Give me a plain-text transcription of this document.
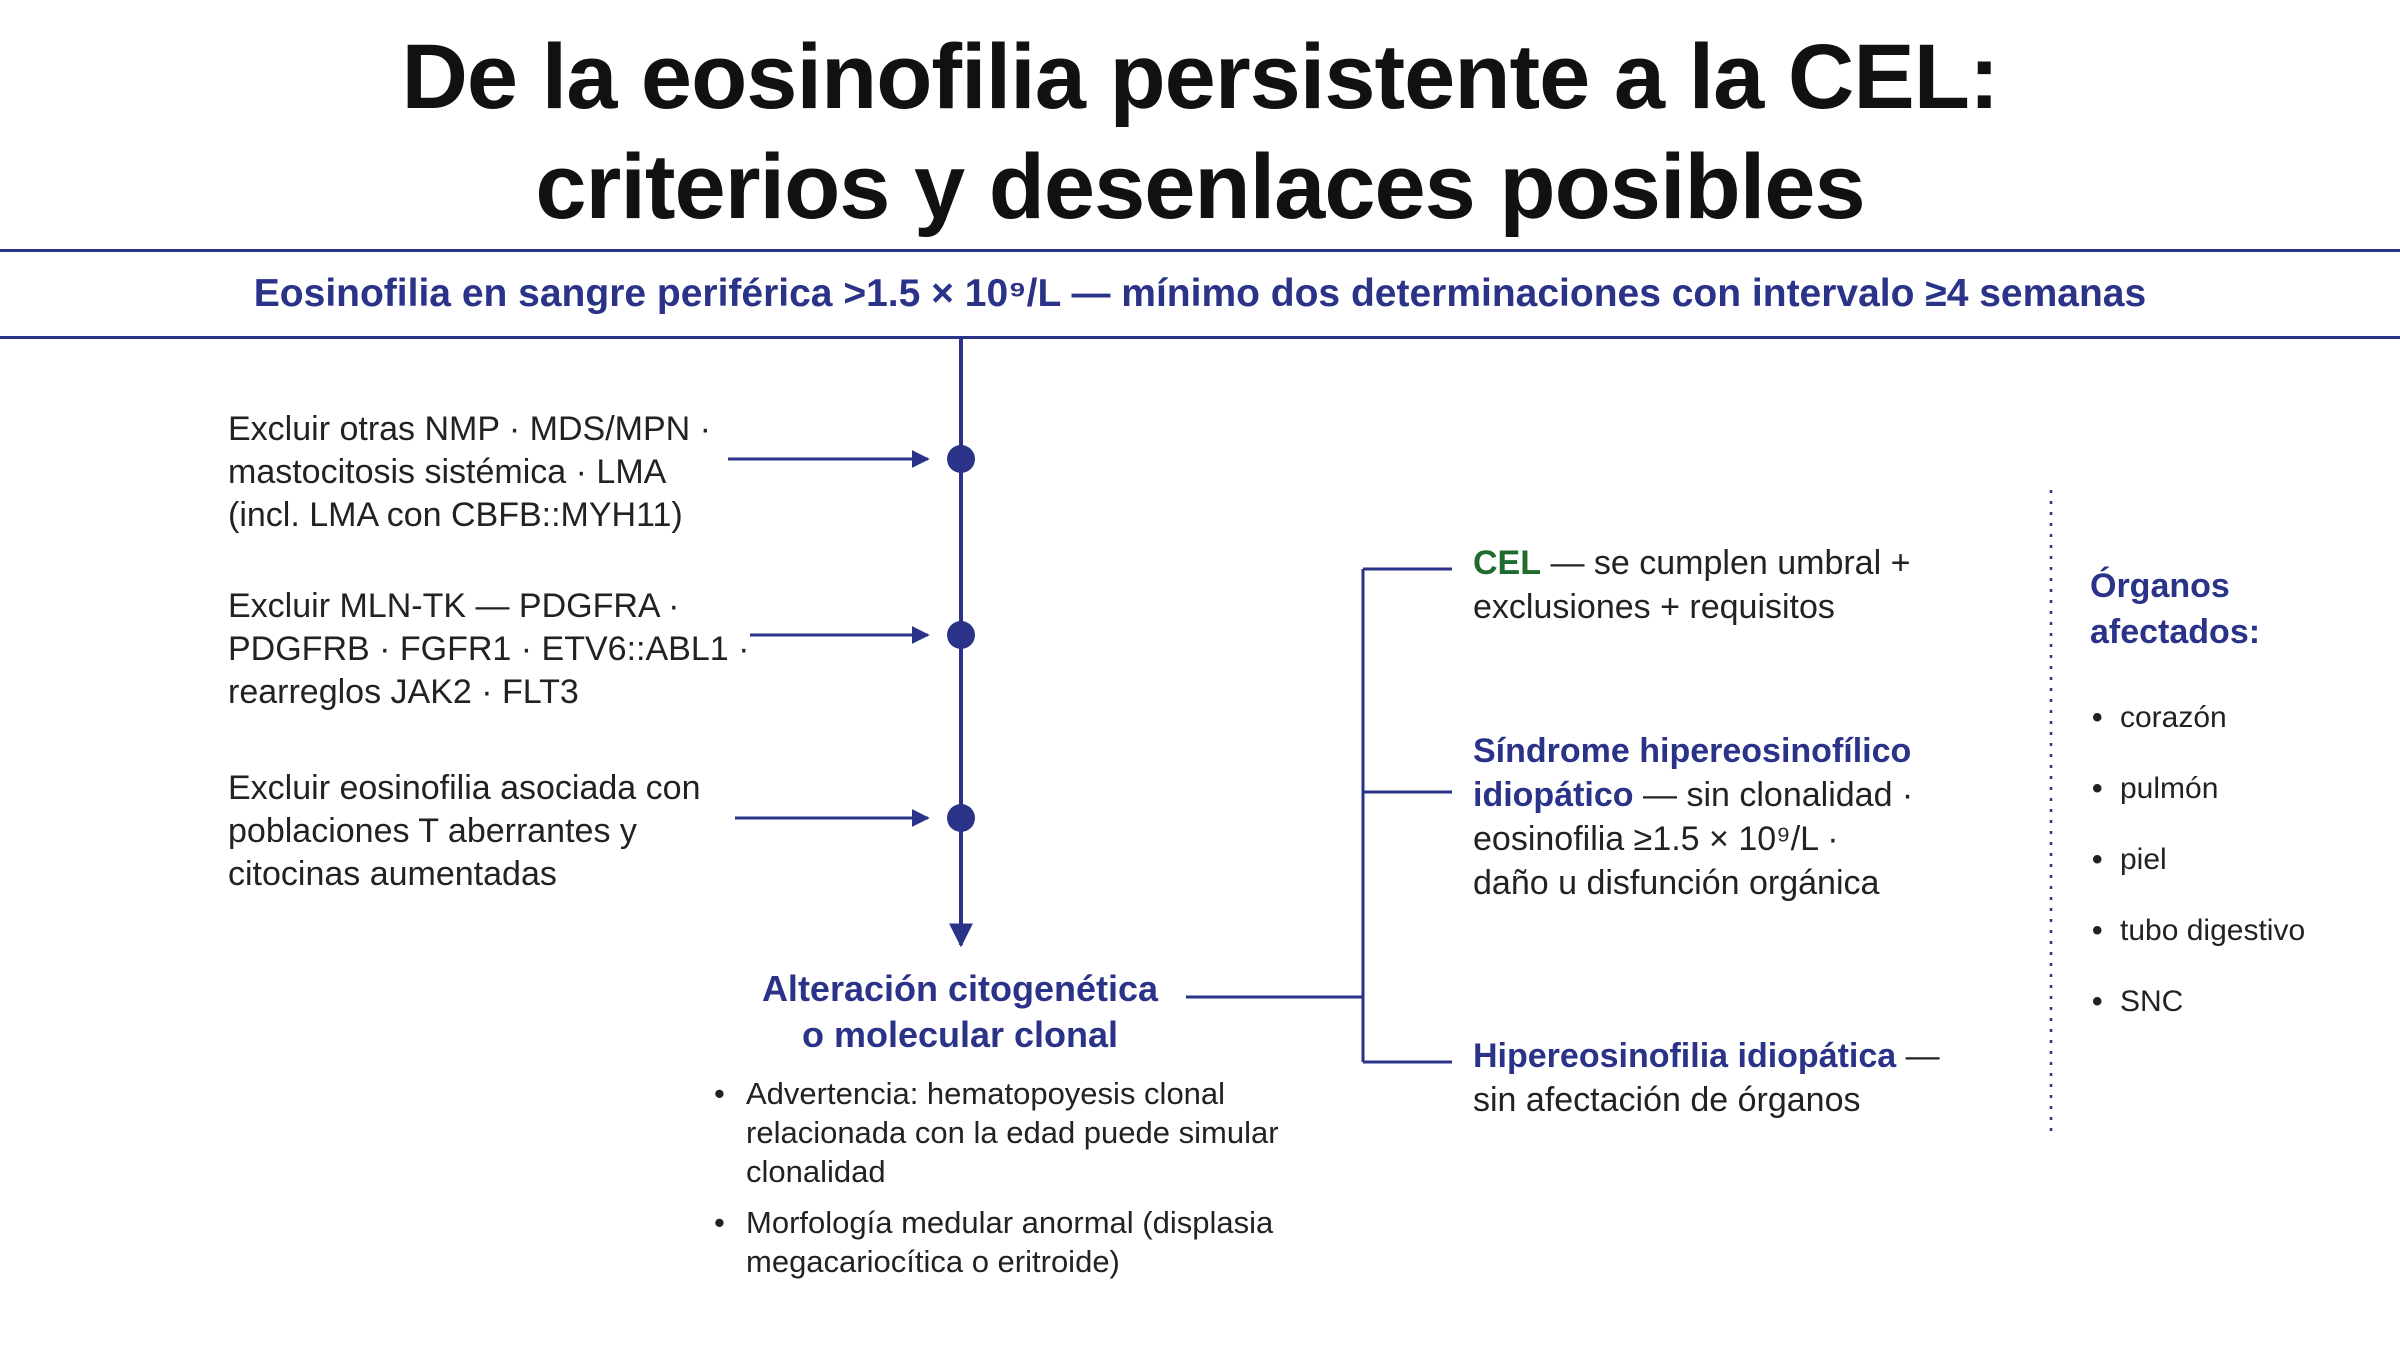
De la eosinofilia persistente a la CEL:
criterios y desenlaces posibles
Eosinofilia en sangre periférica >1.5 × 10⁹/L — mínimo dos determinaciones con intervalo ≥4 semanas
Excluir otras NMP · MDS/MPN ·
mastocitosis sistémica · LMA
(incl. LMA con CBFB::MYH11)
Excluir MLN-TK — PDGFRA ·
PDGFRB · FGFR1 · ETV6::ABL1 ·
rearreglos JAK2 · FLT3
Excluir eosinofilia asociada con
poblaciones T aberrantes y
citocinas aumentadas
Alteración citogenética
o molecular clonal
• Advertencia: hematopoyesis clonal relacionada con la edad puede simular clonalidad
• Morfología medular anormal (displasia megacariocítica o eritroide)
CEL — se cumplen umbral +
exclusiones + requisitos
Síndrome hipereosinofílico
idiopático — sin clonalidad ·
eosinofilia ≥1.5 × 10⁹/L ·
daño u disfunción orgánica
Hipereosinofilia idiopática —
sin afectación de órganos
Órganos
afectados:
• corazón
• pulmón
• piel
• tubo digestivo
• SNC
